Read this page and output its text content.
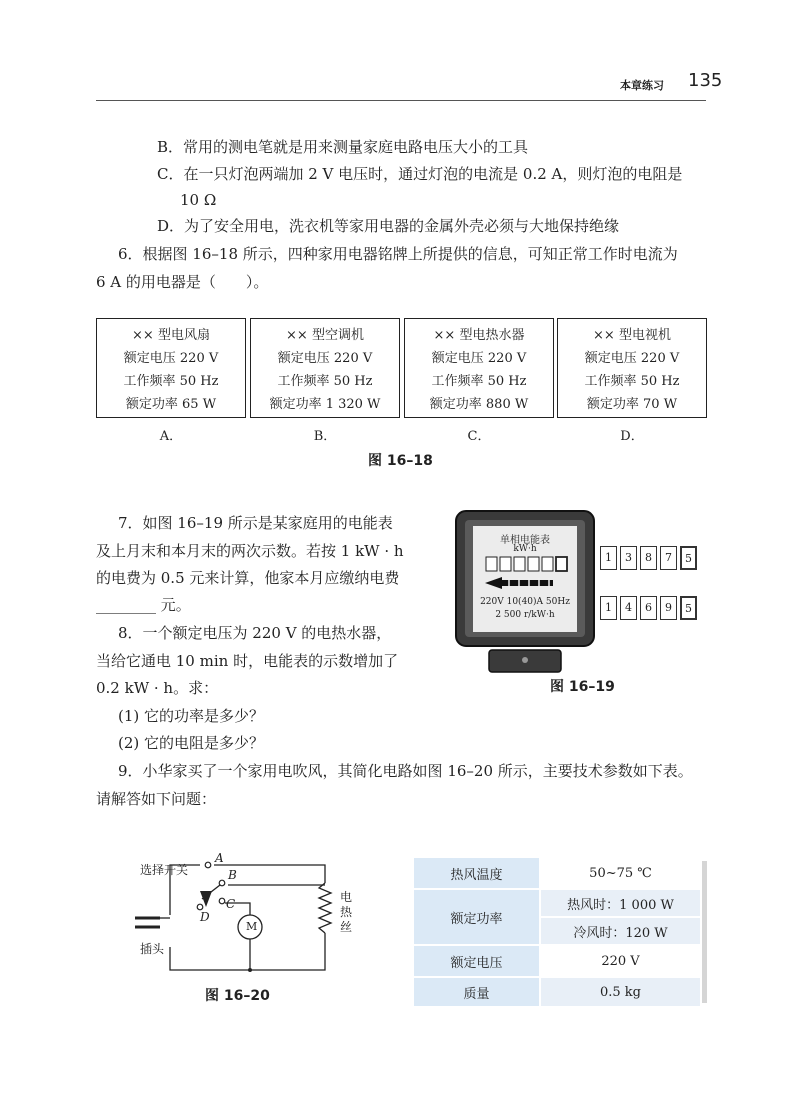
本章练习 135
B．常用的测电笔就是用来测量家庭电路电压大小的工具
C．在一只灯泡两端加 2 V 电压时，通过灯泡的电流是 0.2 A，则灯泡的电阻是
10 Ω
D．为了安全用电，洗衣机等家用电器的金属外壳必须与大地保持绝缘
6．根据图 16–18 所示，四种家用电器铭牌上所提供的信息，可知正常工作时电流为
6 A 的用电器是（　　）。
×× 型电风扇
额定电压 220 V
工作频率 50 Hz
额定功率 65 W
×× 型空调机
额定电压 220 V
工作频率 50 Hz
额定功率 1 320 W
×× 型电热水器
额定电压 220 V
工作频率 50 Hz
额定功率 880 W
×× 型电视机
额定电压 220 V
工作频率 50 Hz
额定功率 70 W
A．	B．	C．	D．
图 16–18
7．如图 16–19 所示是某家庭用的电能表
及上月末和本月末的两次示数。若按 1 kW · h
的电费为 0.5 元来计算，他家本月应缴纳电费
________ 元。
8．一个额定电压为 220 V 的电热水器，
当给它通电 10 min 时，电能表的示数增加了
0.2 kW · h。求：
(1) 它的功率是多少？
(2) 它的电阻是多少？
单相电能表
kW·h
220V 10(40)A 50Hz
2 500 r/kW·h
1	3	8	7	5
1	4	6	9	5
图 16–19
9．小华家买了一个家用电吹风，其简化电路如图 16–20 所示，主要技术参数如下表。
请解答如下问题：
选择开关
A
B
C
D
M
电热丝
插头
图 16–20
热风温度	50~75 ℃
额定功率	热风时：1 000 W
	冷风时：120 W
额定电压	220 V
质量	0.5 kg
